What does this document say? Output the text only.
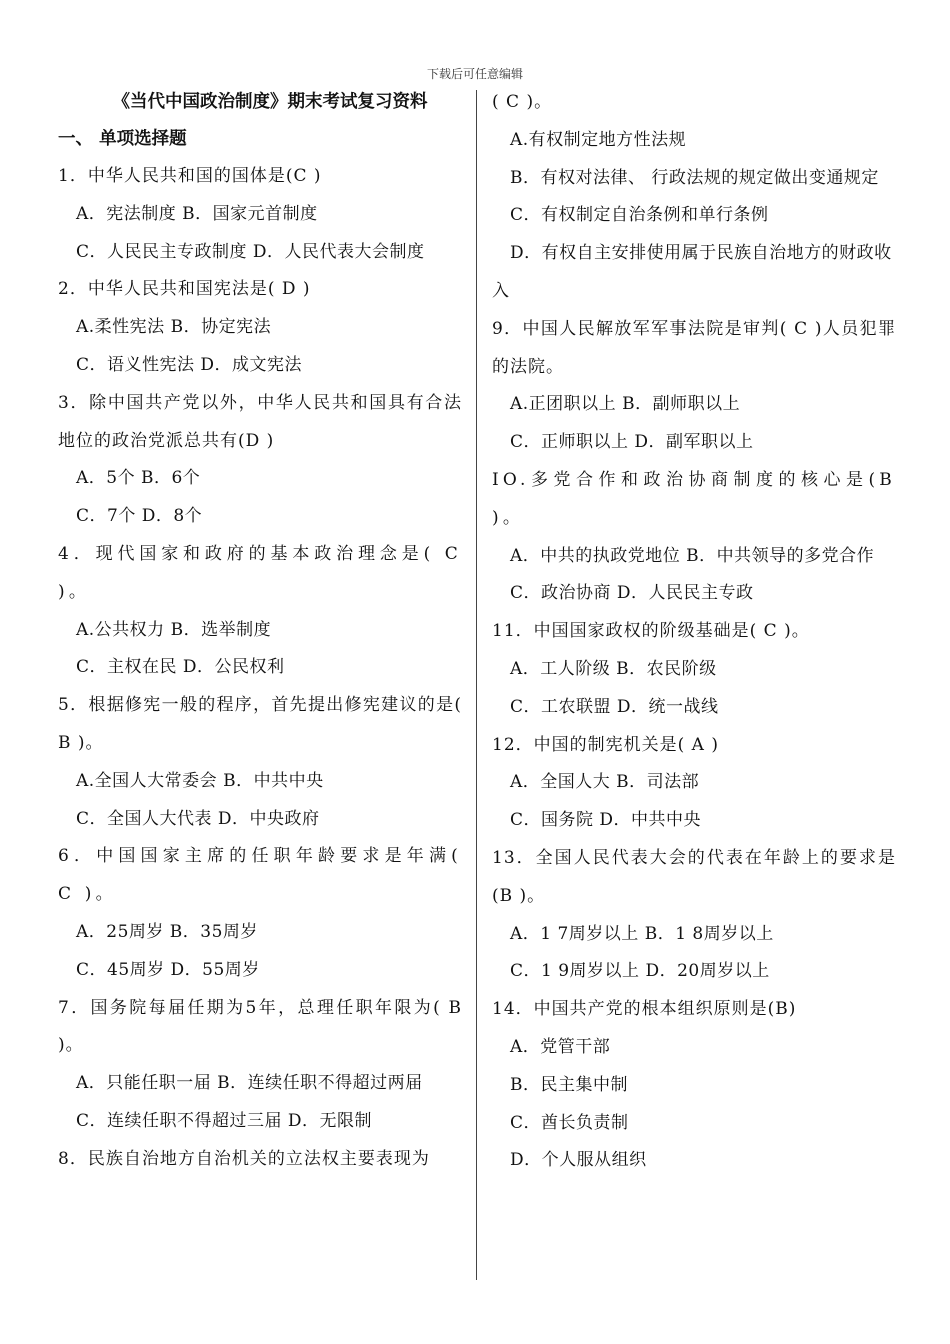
下载后可任意编辑
《当代中国政治制度》期末考试复习资料
一、 单项选择题
1．中华人民共和国的国体是(C )
A．宪法制度 B．国家元首制度
C．人民民主专政制度 D．人民代表大会制度
2．中华人民共和国宪法是( D )
A.柔性宪法 B．协定宪法
C．语义性宪法 D．成文宪法
3．除中国共产党以外，中华人民共和国具有合法地位的政治党派总共有(D )
A．5个 B．6个
C．7个 D．8个
4．现代国家和政府的基本政治理念是( C )。
A.公共权力 B．选举制度
C．主权在民 D．公民权利
5．根据修宪一般的程序，首先提出修宪建议的是( B )。
A.全国人大常委会 B．中共中央
C．全国人大代表 D．中央政府
6．中国国家主席的任职年龄要求是年满( C )。
A．25周岁 B．35周岁
C．45周岁 D．55周岁
7．国务院每届任期为5年，总理任职年限为( B )。
A．只能任职一届 B．连续任职不得超过两届
C．连续任职不得超过三届 D．无限制
8．民族自治地方自治机关的立法权主要表现为
( C )。
A.有权制定地方性法规
B．有权对法律、 行政法规的规定做出变通规定
C．有权制定自治条例和单行条例
D．有权自主安排使用属于民族自治地方的财政收入
9．中国人民解放军军事法院是审判( C )人员犯罪的法院。
A.正团职以上 B．副师职以上
C．正师职以上 D．副军职以上
IO.多党合作和政治协商制度的核心是(B )。
A．中共的执政党地位 B．中共领导的多党合作
C．政治协商 D．人民民主专政
11．中国国家政权的阶级基础是( C )。
A．工人阶级 B．农民阶级
C．工农联盟 D．统一战线
12．中国的制宪机关是( A )
A．全国人大 B．司法部
C．国务院 D．中共中央
13．全国人民代表大会的代表在年龄上的要求是(B )。
A．1 7周岁以上 B．1 8周岁以上
C．1 9周岁以上 D．20周岁以上
14．中国共产党的根本组织原则是(B)
A．党管干部
B．民主集中制
C．酋长负责制
D．个人服从组织
